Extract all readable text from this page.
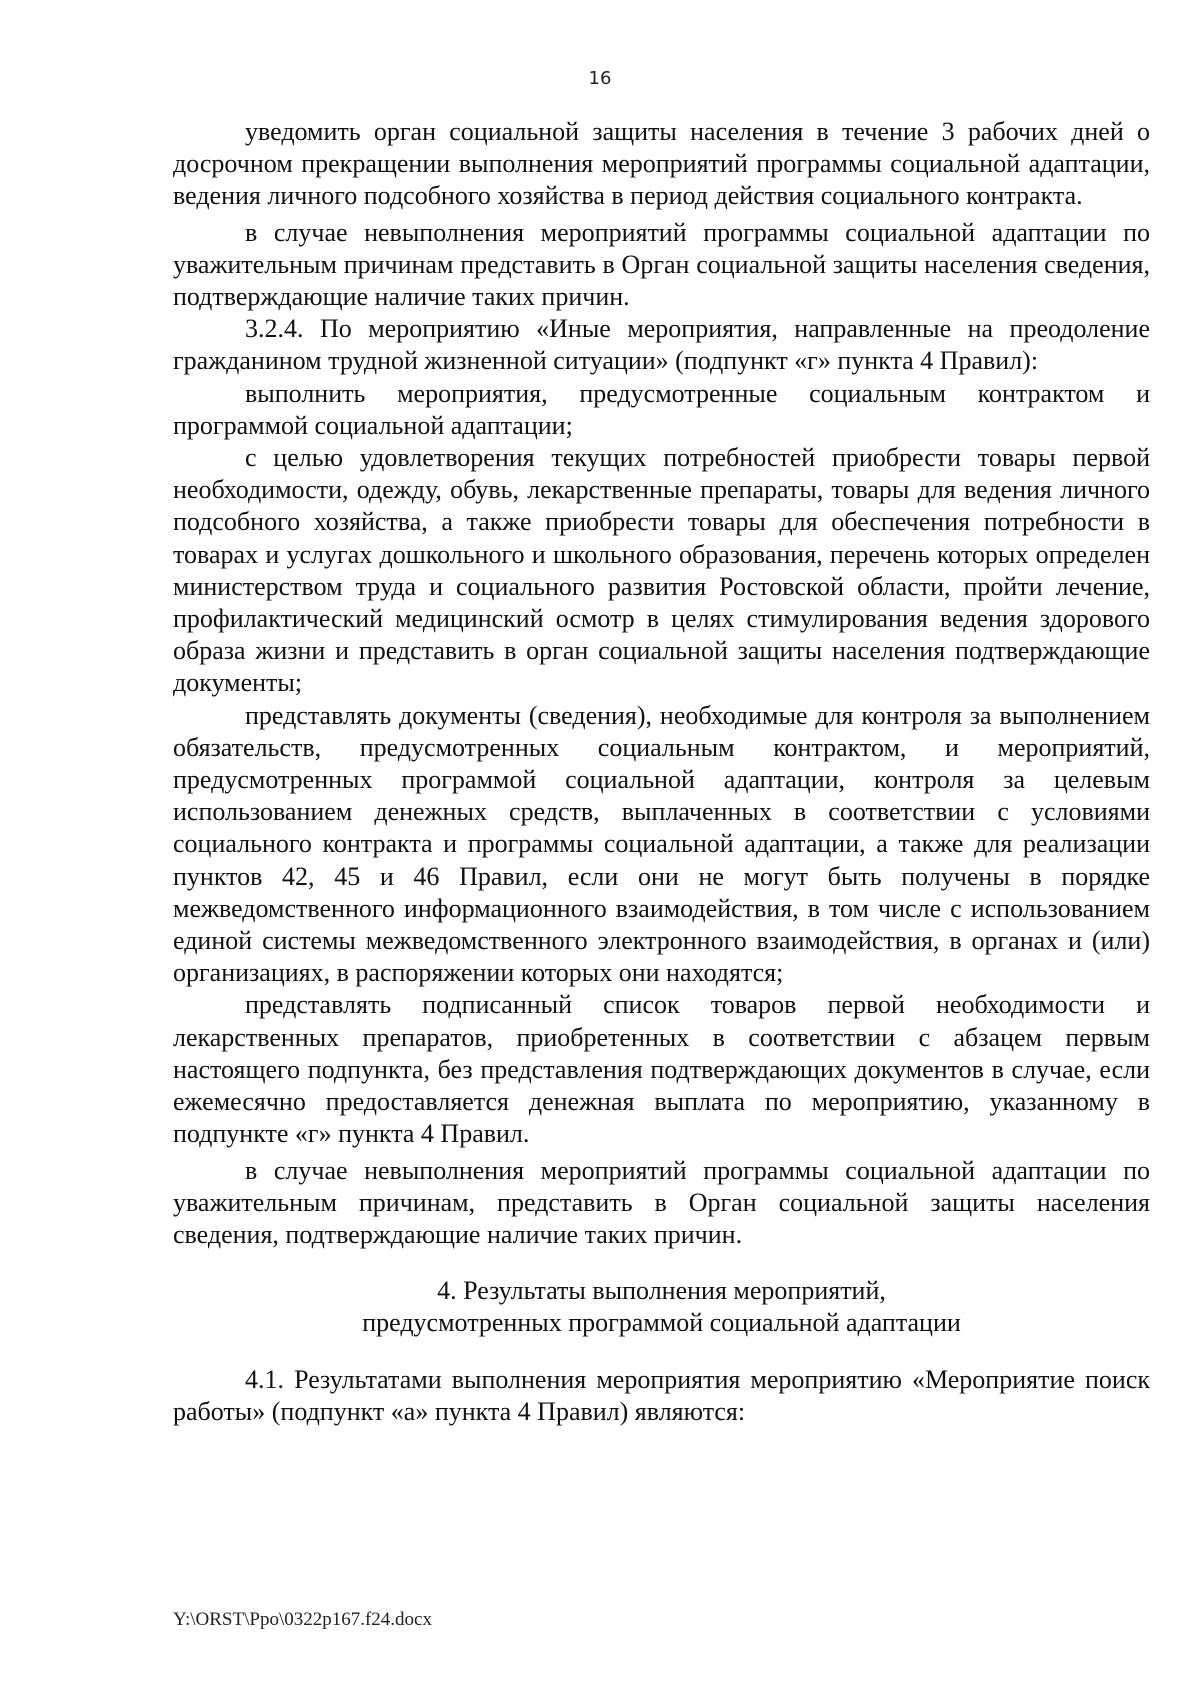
16

уведомить орган социальной защиты населения в течение 3 рабочих дней о досрочном прекращении выполнения мероприятий программы социальной адаптации, ведения личного подсобного хозяйства в период действия социального контракта.

в случае невыполнения мероприятий программы социальной адаптации по уважительным причинам представить в Орган социальной защиты населения сведения, подтверждающие наличие таких причин.

3.2.4. По мероприятию «Иные мероприятия, направленные на преодоление гражданином трудной жизненной ситуации» (подпункт «г» пункта 4 Правил):

выполнить мероприятия, предусмотренные социальным контрактом и программой социальной адаптации;

с целью удовлетворения текущих потребностей приобрести товары первой необходимости, одежду, обувь, лекарственные препараты, товары для ведения личного подсобного хозяйства, а также приобрести товары для обеспечения потребности в товарах и услугах дошкольного и школьного образования, перечень которых определен министерством труда и социального развития Ростовской области, пройти лечение, профилактический медицинский осмотр в целях стимулирования ведения здорового образа жизни и представить в орган социальной защиты населения подтверждающие документы;

представлять документы (сведения), необходимые для контроля за выполнением обязательств, предусмотренных социальным контрактом, и мероприятий, предусмотренных программой социальной адаптации, контроля за целевым использованием денежных средств, выплаченных в соответствии с условиями социального контракта и программы социальной адаптации, а также для реализации пунктов 42, 45 и 46 Правил, если они не могут быть получены в порядке межведомственного информационного взаимодействия, в том числе с использованием единой системы межведомственного электронного взаимодействия, в органах и (или) организациях, в распоряжении которых они находятся;

представлять подписанный список товаров первой необходимости и лекарственных препаратов, приобретенных в соответствии с абзацем первым настоящего подпункта, без представления подтверждающих документов в случае, если ежемесячно предоставляется денежная выплата по мероприятию, указанному в подпункте «г» пункта 4 Правил.

в случае невыполнения мероприятий программы социальной адаптации по уважительным причинам, представить в Орган социальной защиты населения сведения, подтверждающие наличие таких причин.

4. Результаты выполнения мероприятий,

предусмотренных программой социальной адаптации

4.1. Результатами выполнения мероприятия мероприятию «Мероприятие поиск работы» (подпункт «а» пункта 4 Правил) являются:

Y:\ORST\Ppo\0322p167.f24.docx
